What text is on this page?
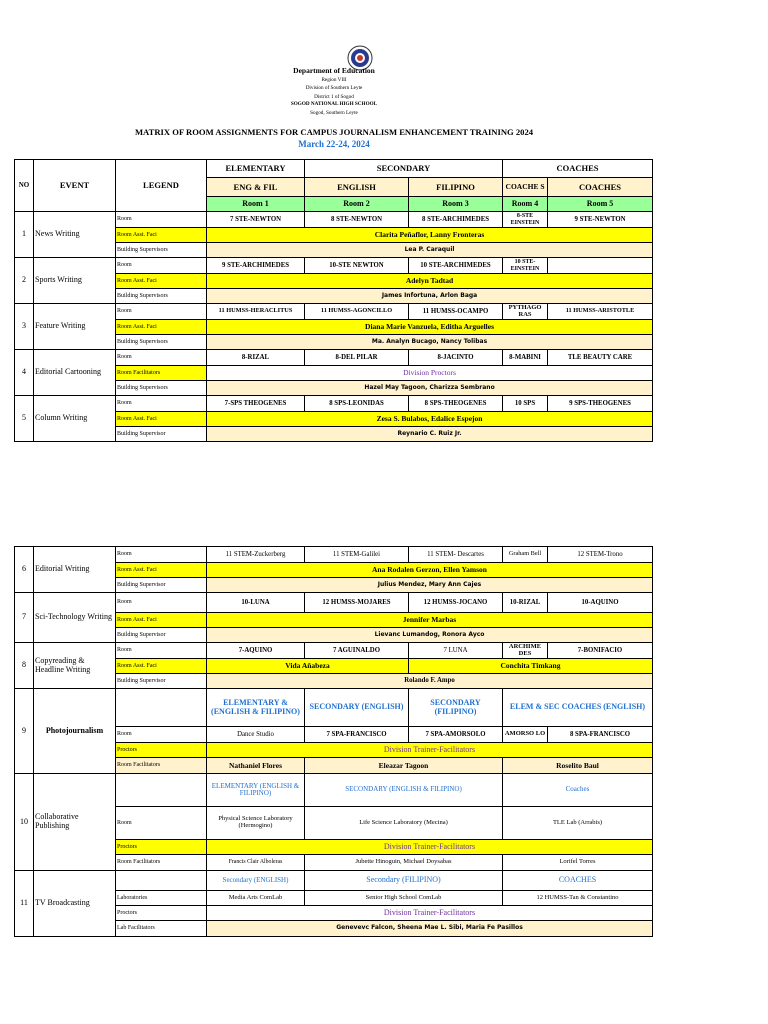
Department of Education
Region VIII
Division of Southern Leyte
District 1 of Sogod
SOGOD NATIONAL HIGH SCHOOL
Sogod, Southern Leyte
MATRIX OF ROOM ASSIGNMENTS FOR CAMPUS JOURNALISM ENHANCEMENT TRAINING 2024
March 22-24, 2024
NO	EVENT	LEGEND	ELEMENTARY	SECONDARY		COACHES	
			ENG & FIL	ENGLISH	FILIPINO	COACHE S	COACHES
			Room 1	Room 2	Room 3	Room 4	Room 5
1	News Writing	Room	7 STE-NEWTON	8 STE-NEWTON	8 STE-ARCHIMEDES	8-STE EINSTEIN	9 STE-NEWTON
		Room Asst. Faci	Clarita Peñaflor, Lanny Fronteras				
		Building Supervisors	Lea P. Caraquil				
2	Sports Writing	Room	9 STE-ARCHIMEDES	10-STE NEWTON	10 STE-ARCHIMEDES	10 STE-EINSTEIN	
		Room Asst. Faci	Adelyn Tadtad				
		Building Supervisors	James Infortuna, Arlon Baga				
3	Feature Writing	Room	11 HUMSS-HERACLITUS	11 HUMSS-AGONCILLO	11 HUMSS-OCAMPO	PYTHAGO RAS	11 HUMSS-ARISTOTLE
		Room Asst. Faci	Diana Marie Vanzuela, Editha Arguelles				
		Building Supervisors	Ma. Analyn Bucago, Nancy Tolibas				
4	Editorial Cartooning	Room	8-RIZAL	8-DEL PILAR	8-JACINTO	8-MABINI	TLE BEAUTY CARE
		Room Facilitators	Division Proctors				
		Building Supervisors	Hazel May Tagoon, Charizza Sembrano				
5	Column Writing	Room	7-SPS THEOGENES	8 SPS-LEONIDAS	8 SPS-THEOGENES	10 SPS	9 SPS-THEOGENES
		Room Asst. Faci	Zesa S. Bulabos, Edalice Espejon				
		Building Supervisor	Reynario C. Ruiz Jr.				
6	Editorial Writing	Room	11 STEM-Zuckerberg	11 STEM-Galilei	11 STEM- Descartes	Graham Bell	12 STEM-Trono
		Room Asst. Faci	Ana Rodalen Gerzon, Ellen Yamson				
		Building Supervisor	Julius Mendez, Mary Ann Cajes				
7	Sci-Technology Writing	Room	10-LUNA	12 HUMSS-MOJARES	12 HUMSS-JOCANO	10-RIZAL	10-AQUINO
		Room Asst. Faci	Jennifer Marbas				
		Building Supervisor	Lievanc Lumandog, Ronora Ayco				
8	Copyreading & Headline Writing	Room	7-AQUINO	7 AGUINALDO	7 LUNA	ARCHIME DES	7-BONIFACIO
		Room Asst. Faci	Vida Añabeza		Conchita Timkang		
		Building Supervisor	Rolando F. Ampo				
9	Photojournalism		ELEMENTARY & (ENGLISH & FILIPINO)	SECONDARY (ENGLISH)	SECONDARY (FILIPINO)	ELEM & SEC COACHES (ENGLISH)	
		Room	Dance Studio	7 SPA-FRANCISCO	7 SPA-AMORSOLO	AMORSO LO	8 SPA-FRANCISCO
		Proctors	Division Trainer-Facilitators				
		Room Facilitators	Nathaniel Flores	Eleazar Tagoon		Roselito Baul	
10	Collaborative Publishing		ELEMENTARY (ENGLISH & FILIPINO)	SECONDARY (ENGLISH & FILIPINO)		Coaches	
		Room	Physical Science Laboratory (Hermogino)	Life Science Laboratory (Mecina)		TLE Lab (Arrabis)	
		Proctors	Division Trainer-Facilitators				
		Room Facilitators	Francis Clair Alboleras	Jubette Hinoguin, Michael Doysabas		Lorifel Torres	
11	TV Broadcasting		Secondary (ENGLISH)	Secondary (FILIPINO)		COACHES	
		Laboratories	Media Arts ComLab	Senior High School ComLab		12 HUMSS-Tan & Constantino	
		Proctors	Division Trainer-Facilitators				
		Lab Facilitators	Genevevc Falcon, Sheena Mae L. Sibi, Maria Fe Pasillos				
